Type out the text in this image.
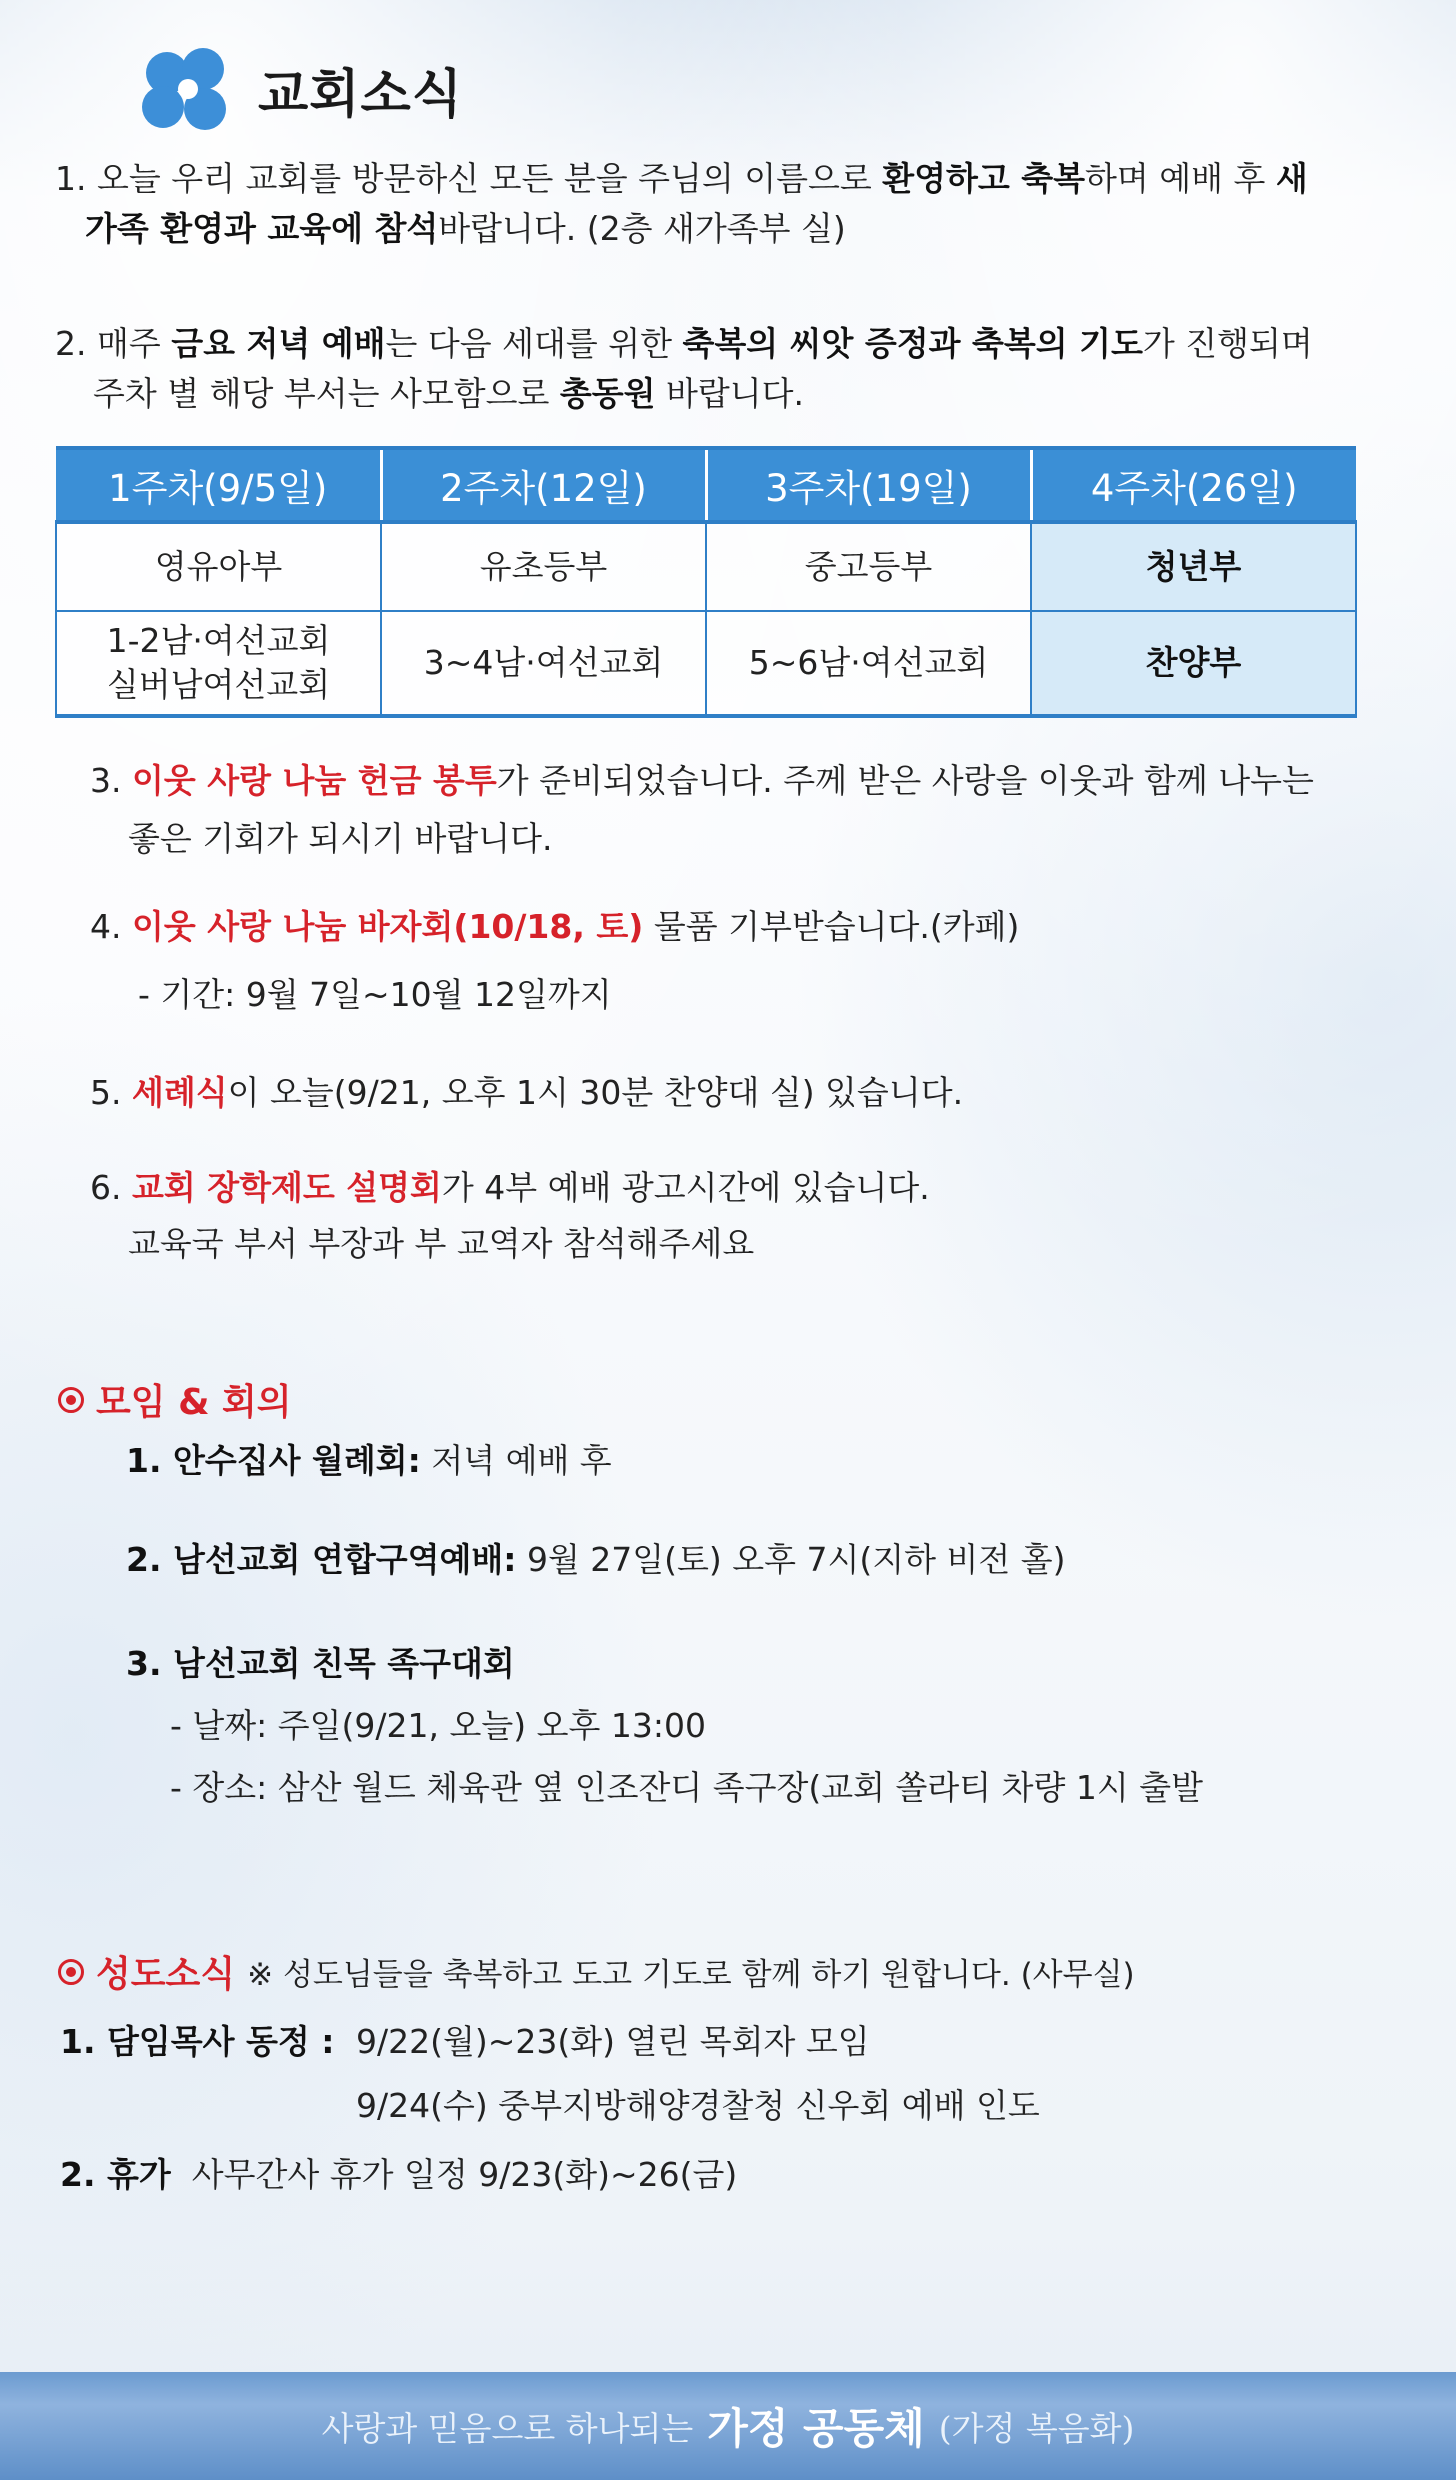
교회소식
1. 오늘 우리 교회를 방문하신 모든 분을 주님의 이름으로 환영하고 축복하며 예배 후 새
가족 환영과 교육에 참석바랍니다. (2층 새가족부 실)
2. 매주 금요 저녁 예배는 다음 세대를 위한 축복의 씨앗 증정과 축복의 기도가 진행되며
주차 별 해당 부서는 사모함으로 총동원 바랍니다.
1주차(9/5일)	2주차(12일)	3주차(19일)	4주차(26일)
영유아부	유초등부	중고등부	청년부

1-2남·여선교회
실버남여선교회	3~4남·여선교회	5~6남·여선교회	찬양부
3. 이웃 사랑 나눔 헌금 봉투가 준비되었습니다. 주께 받은 사랑을 이웃과 함께 나누는
좋은 기회가 되시기 바랍니다.
4. 이웃 사랑 나눔 바자회(10/18, 토) 물품 기부받습니다.(카페)
- 기간: 9월 7일~10월 12일까지
5. 세례식이 오늘(9/21, 오후 1시 30분 찬양대 실) 있습니다.
6. 교회 장학제도 설명회가 4부 예배 광고시간에 있습니다.
교육국 부서 부장과 부 교역자 참석해주세요
모임 & 회의
1. 안수집사 월례회: 저녁 예배 후
2. 남선교회 연합구역예배: 9월 27일(토) 오후 7시(지하 비전 홀)
3. 남선교회 친목 족구대회
- 날짜: 주일(9/21, 오늘) 오후 13:00
- 장소: 삼산 월드 체육관 옆 인조잔디 족구장(교회 쏠라티 차량 1시 출발
성도소식 ※ 성도님들을 축복하고 도고 기도로 함께 하기 원합니다. (사무실)
1. 담임목사 동정 : 9/22(월)~23(화) 열린 목회자 모임
9/24(수) 중부지방해양경찰청 신우회 예배 인도
2. 휴가 사무간사 휴가 일정 9/23(화)~26(금)
사랑과 믿음으로 하나되는 가정 공동체 (가정 복음화)
